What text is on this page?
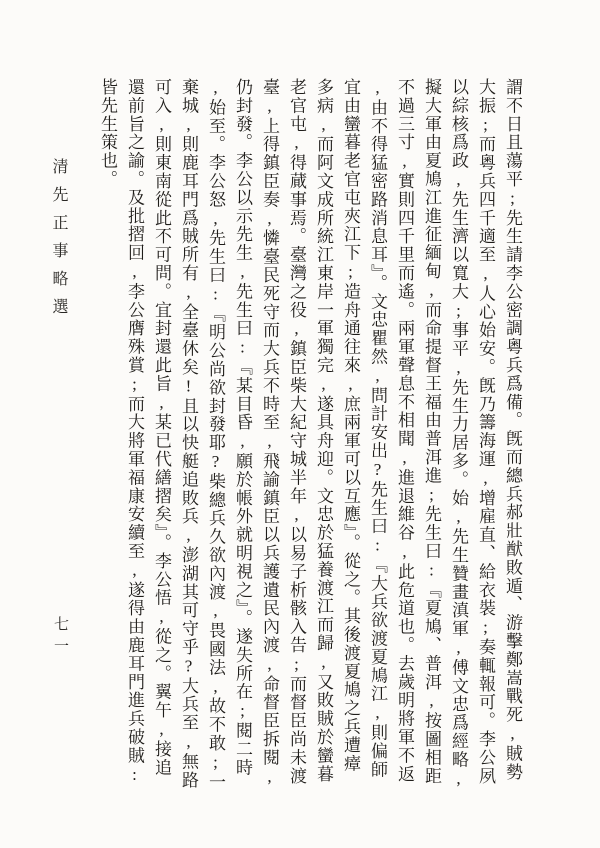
清先正事略選
七一	謂不日且蕩平;先生請李公密調粵兵爲備。旣而總兵郝壯猷敗遁、游擊鄭嵩戰死,賊勢
大振;而粵兵四千適至,人心始安。旣乃籌海運,增雇直、給衣裝;奏輒報可。李公夙
以綜核爲政,先生濟以寬大;事平,先生力居多。始,先生贊畫滇軍,傅文忠爲經略,
擬大軍由夏鳩江進征緬甸,而命提督王福由普洱進;先生曰:『夏鳩、普洱,按圖相距
不過三寸,實則四千里而遙。兩軍聲息不相聞,進退維谷,此危道也。去歲明將軍不返
,由不得猛密路消息耳』。文忠瞿然,問計安出?先生曰:『大兵欲渡夏鳩江,則偏師
宜由蠻暮老官屯夾江下;造舟通往來,庶兩軍可以互應』。從之。其後渡夏鳩之兵遭瘴
多病,而阿文成所統江東岸一軍獨完,遂具舟迎。文忠於猛養渡江而歸,又敗賊於蠻暮
老官屯,得蕆事焉。臺灣之役,鎮臣柴大紀守城半年,以易子析骸入告;而督臣尚未渡
臺,上得鎮臣奏,憐臺民死守而大兵不時至,飛諭鎮臣以兵護遺民內渡,命督臣拆閱,
仍封發。李公以示先生,先生曰:『某目昏,願於帳外就明視之』。遂失所在;閱二時
,始至。李公怒,先生曰:『明公尚欲封發耶?柴總兵久欲內渡,畏國法,故不敢;一
棄城,則鹿耳門爲賊所有,全臺休矣!且以快艇追敗兵,澎湖其可守乎?大兵至,無路
可入,則東南從此不可問。宜封還此旨,某已代繕摺矣』。李公悟,從之。翼午,接追
還前旨之諭。及批摺回,李公膺殊賞;而大將軍福康安續至,遂得由鹿耳門進兵破賊:
皆先生策也。
